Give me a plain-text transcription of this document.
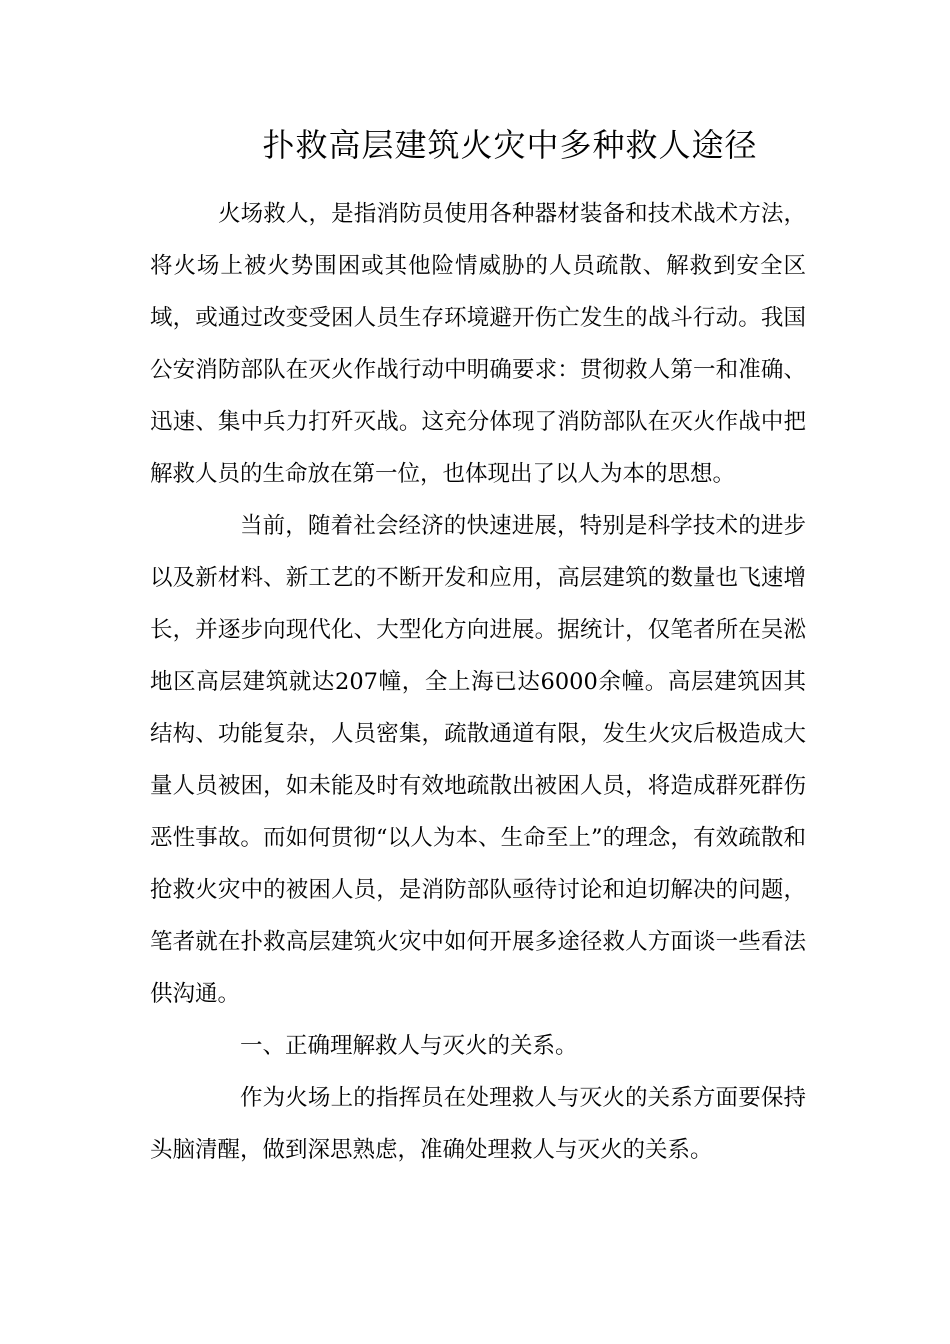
扑救高层建筑火灾中多种救人途径

火场救人，是指消防员使用各种器材装备和技术战术方法，将火场上被火势围困或其他险情威胁的人员疏散、解救到安全区域，或通过改变受困人员生存环境避开伤亡发生的战斗行动。我国公安消防部队在灭火作战行动中明确要求：贯彻救人第一和准确、迅速、集中兵力打歼灭战。这充分体现了消防部队在灭火作战中把解救人员的生命放在第一位，也体现出了以人为本的思想。

当前，随着社会经济的快速进展，特别是科学技术的进步以及新材料、新工艺的不断开发和应用，高层建筑的数量也飞速增长，并逐步向现代化、大型化方向进展。据统计，仅笔者所在吴淞地区高层建筑就达207幢，全上海已达6000余幢。高层建筑因其结构、功能复杂，人员密集，疏散通道有限，发生火灾后极造成大量人员被困，如未能及时有效地疏散出被困人员，将造成群死群伤恶性事故。而如何贯彻“以人为本、生命至上”的理念，有效疏散和抢救火灾中的被困人员，是消防部队亟待讨论和迫切解决的问题，笔者就在扑救高层建筑火灾中如何开展多途径救人方面谈一些看法供沟通。

一、正确理解救人与灭火的关系。

作为火场上的指挥员在处理救人与灭火的关系方面要保持头脑清醒，做到深思熟虑，准确处理救人与灭火的关系。
